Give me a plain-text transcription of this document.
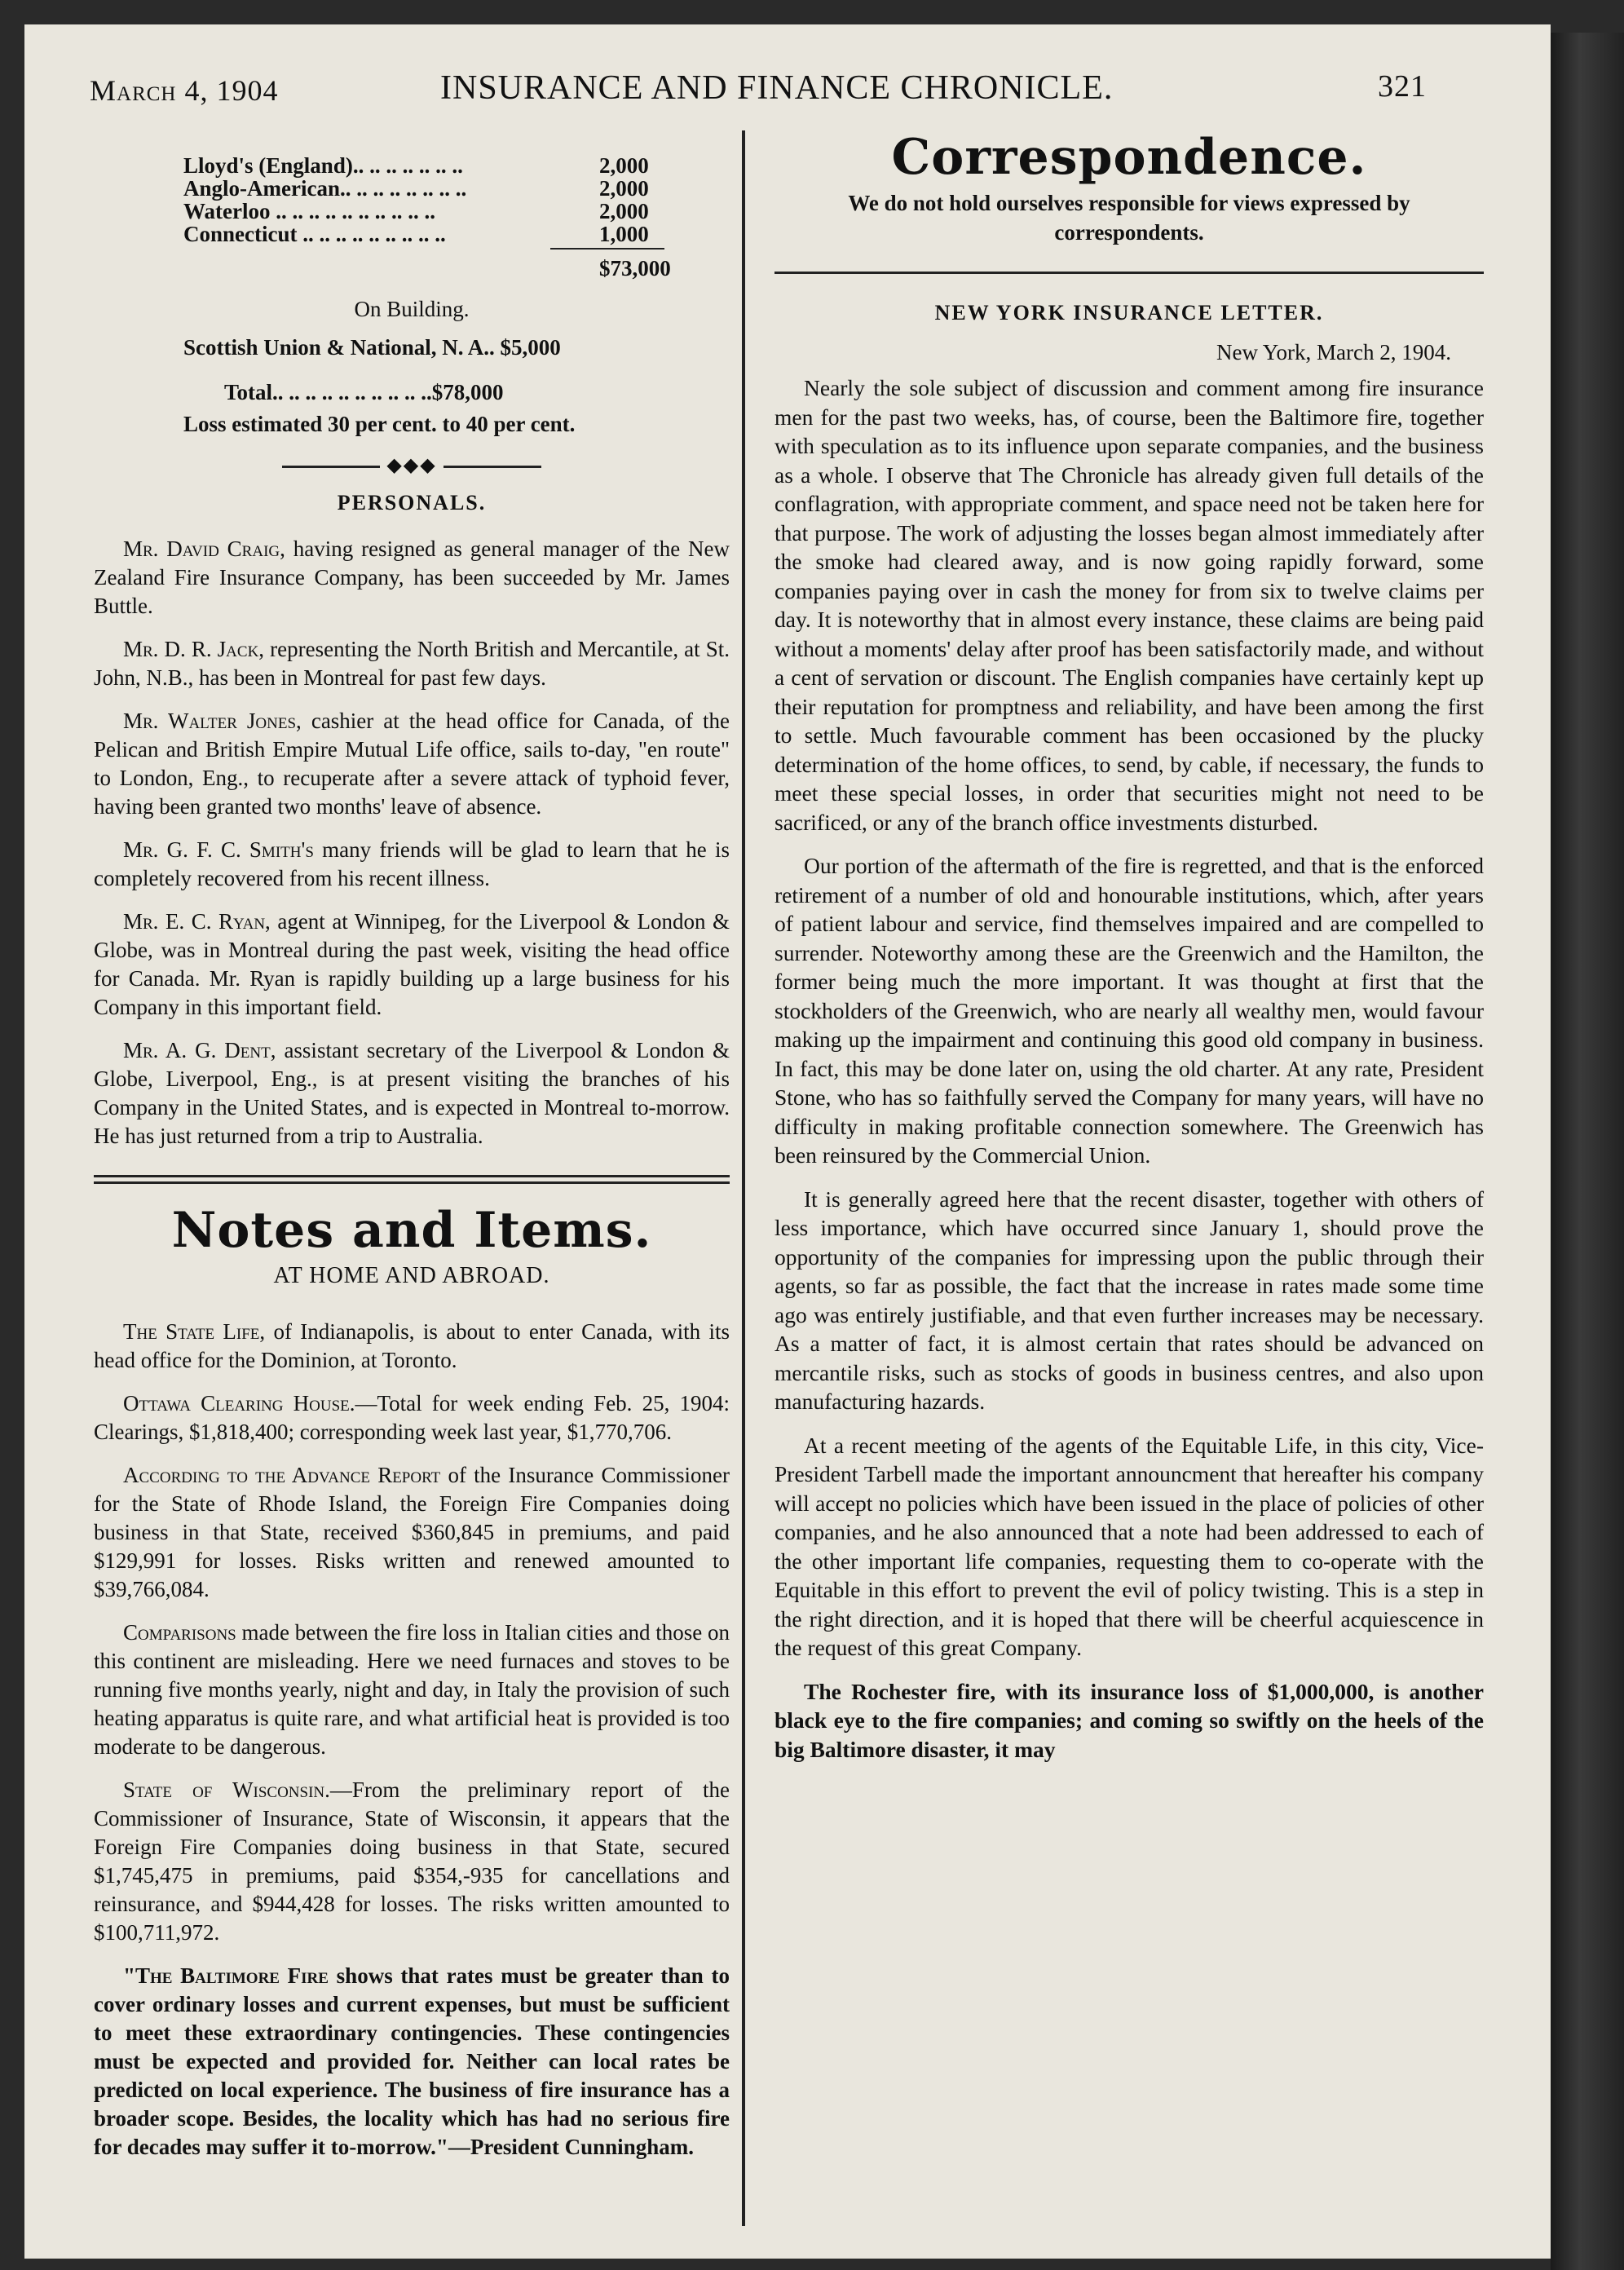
March 4, 1904	INSURANCE AND FINANCE CHRONICLE.	321
Lloyd's (England).. .. .. .. .. .. ..	2,000
Anglo-American.. .. .. .. .. .. .. ..	2,000
Waterloo .. .. .. .. .. .. .. .. .. ..	2,000
Connecticut .. .. .. .. .. .. .. .. ..	1,000
$73,000
On Building.
Scottish Union & National, N. A.. $5,000
Total.. .. .. .. .. .. .. .. .. ..$78,000
Loss estimated 30 per cent. to 40 per cent.
◆◆◆
PERSONALS.

Mr. David Craig, having resigned as general manager of the New Zealand Fire Insurance Company, has been succeeded by Mr. James Buttle.

Mr. D. R. Jack, representing the North British and Mercantile, at St. John, N.B., has been in Montreal for past few days.

Mr. Walter Jones, cashier at the head office for Canada, of the Pelican and British Empire Mutual Life office, sails to-day, "en route" to London, Eng., to recuperate after a severe attack of typhoid fever, having been granted two months' leave of absence.

Mr. G. F. C. Smith's many friends will be glad to learn that he is completely recovered from his recent illness.

Mr. E. C. Ryan, agent at Winnipeg, for the Liverpool & London & Globe, was in Montreal during the past week, visiting the head office for Canada. Mr. Ryan is rapidly building up a large business for his Company in this important field.

Mr. A. G. Dent, assistant secretary of the Liverpool & London & Globe, Liverpool, Eng., is at present visiting the branches of his Company in the United States, and is expected in Montreal to-morrow. He has just returned from a trip to Australia.

Notes and Items.
AT HOME AND ABROAD.

The State Life, of Indianapolis, is about to enter Canada, with its head office for the Dominion, at Toronto.

Ottawa Clearing House.—Total for week ending Feb. 25, 1904: Clearings, $1,818,400; corresponding week last year, $1,770,706.

According to the Advance Report of the Insurance Commissioner for the State of Rhode Island, the Foreign Fire Companies doing business in that State, received $360,845 in premiums, and paid $129,991 for losses. Risks written and renewed amounted to $39,766,084.

Comparisons made between the fire loss in Italian cities and those on this continent are misleading. Here we need furnaces and stoves to be running five months yearly, night and day, in Italy the provision of such heating apparatus is quite rare, and what artificial heat is provided is too moderate to be dangerous.

State of Wisconsin.—From the preliminary report of the Commissioner of Insurance, State of Wisconsin, it appears that the Foreign Fire Companies doing business in that State, secured $1,745,475 in premiums, paid $354,-935 for cancellations and reinsurance, and $944,428 for losses. The risks written amounted to $100,711,972.

"The Baltimore Fire shows that rates must be greater than to cover ordinary losses and current expenses, but must be sufficient to meet these extraordinary contingencies. These contingencies must be expected and provided for. Neither can local rates be predicted on local experience. The business of fire insurance has a broader scope. Besides, the locality which has had no serious fire for decades may suffer it to-morrow."—President Cunningham.

Correspondence.
We do not hold ourselves responsible for views expressed by correspondents.
NEW YORK INSURANCE LETTER.
New York, March 2, 1904.

Nearly the sole subject of discussion and comment among fire insurance men for the past two weeks, has, of course, been the Baltimore fire, together with speculation as to its influence upon separate companies, and the business as a whole. I observe that The Chronicle has already given full details of the conflagration, with appropriate comment, and space need not be taken here for that purpose. The work of adjusting the losses began almost immediately after the smoke had cleared away, and is now going rapidly forward, some companies paying over in cash the money for from six to twelve claims per day. It is noteworthy that in almost every instance, these claims are being paid without a moments' delay after proof has been satisfactorily made, and without a cent of servation or discount. The English companies have certainly kept up their reputation for promptness and reliability, and have been among the first to settle. Much favourable comment has been occasioned by the plucky determination of the home offices, to send, by cable, if necessary, the funds to meet these special losses, in order that securities might not need to be sacrificed, or any of the branch office investments disturbed.

Our portion of the aftermath of the fire is regretted, and that is the enforced retirement of a number of old and honourable institutions, which, after years of patient labour and service, find themselves impaired and are compelled to surrender. Noteworthy among these are the Greenwich and the Hamilton, the former being much the more important. It was thought at first that the stockholders of the Greenwich, who are nearly all wealthy men, would favour making up the impairment and continuing this good old company in business. In fact, this may be done later on, using the old charter. At any rate, President Stone, who has so faithfully served the Company for many years, will have no difficulty in making profitable connection somewhere. The Greenwich has been reinsured by the Commercial Union.

It is generally agreed here that the recent disaster, together with others of less importance, which have occurred since January 1, should prove the opportunity of the companies for impressing upon the public through their agents, so far as possible, the fact that the increase in rates made some time ago was entirely justifiable, and that even further increases may be necessary. As a matter of fact, it is almost certain that rates should be advanced on mercantile risks, such as stocks of goods in business centres, and also upon manufacturing hazards.

At a recent meeting of the agents of the Equitable Life, in this city, Vice-President Tarbell made the important announcment that hereafter his company will accept no policies which have been issued in the place of policies of other companies, and he also announced that a note had been addressed to each of the other important life companies, requesting them to co-operate with the Equitable in this effort to prevent the evil of policy twisting. This is a step in the right direction, and it is hoped that there will be cheerful acquiescence in the request of this great Company.

The Rochester fire, with its insurance loss of $1,000,000, is another black eye to the fire companies; and coming so swiftly on the heels of the big Baltimore disaster, it may
